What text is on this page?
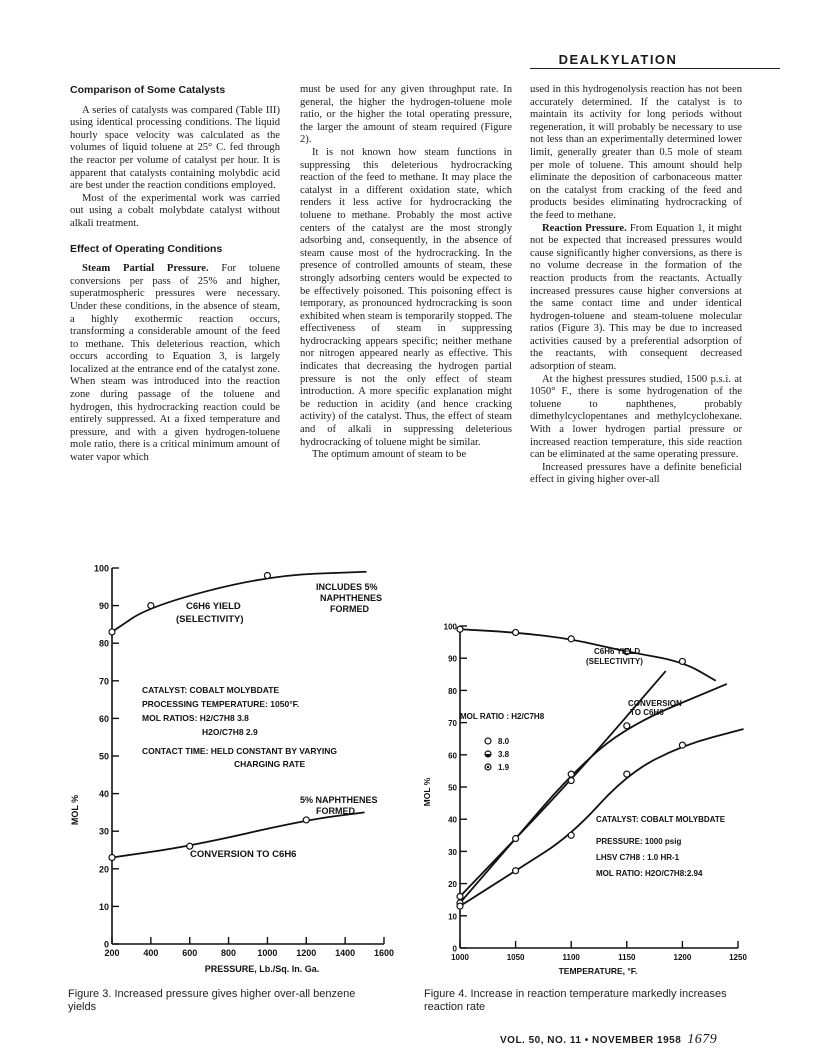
DEALKYLATION
Comparison of Some Catalysts

A series of catalysts was compared (Table III) using identical processing conditions. The liquid hourly space velocity was calculated as the volumes of liquid toluene at 25° C. fed through the reactor per volume of catalyst per hour. It is apparent that catalysts containing molybdic acid are best under the reaction conditions employed.

Most of the experimental work was carried out using a cobalt molybdate catalyst without alkali treatment.

Effect of Operating Conditions

Steam Partial Pressure. For toluene conversions per pass of 25% and higher, superatmospheric pressures were necessary. Under these conditions, in the absence of steam, a highly exothermic reaction occurs, transforming a considerable amount of the feed to methane. This deleterious reaction, which occurs according to Equation 3, is largely localized at the entrance end of the catalyst zone. When steam was introduced into the reaction zone during passage of the toluene and hydrogen, this hydrocracking reaction could be entirely suppressed. At a fixed temperature and pressure, and with a given hydrogen-toluene mole ratio, there is a critical minimum amount of water vapor which

must be used for any given throughput rate. In general, the higher the hydrogen-toluene mole ratio, or the higher the total operating pressure, the larger the amount of steam required (Figure 2).

It is not known how steam functions in suppressing this deleterious hydrocracking reaction of the feed to methane. It may place the catalyst in a different oxidation state, which renders it less active for hydrocracking the toluene to methane. Probably the most active centers of the catalyst are the most strongly adsorbing and, consequently, in the absence of steam cause most of the hydrocracking. In the presence of controlled amounts of steam, these strongly adsorbing centers would be expected to be effectively poisoned. This poisoning effect is temporary, as pronounced hydrocracking is soon exhibited when steam is temporarily stopped. The effectiveness of steam in suppressing hydrocracking appears specific; neither methane nor nitrogen appeared nearly as effective. This indicates that decreasing the hydrogen partial pressure is not the only effect of steam introduction. A more specific explanation might be reduction in acidity (and hence cracking activity) of the catalyst. Thus, the effect of steam and of alkali in suppressing deleterious hydrocracking of toluene might be similar.

The optimum amount of steam to be

used in this hydrogenolysis reaction has not been accurately determined. If the catalyst is to maintain its activity for long periods without regeneration, it will probably be necessary to use not less than an experimentally determined lower limit, generally greater than 0.5 mole of steam per mole of toluene. This amount should help eliminate the deposition of carbonaceous matter on the catalyst from cracking of the feed and products besides eliminating hydrocracking of the feed to methane.

Reaction Pressure. From Equation 1, it might not be expected that increased pressures would cause significantly higher conversions, as there is no volume decrease in the formation of the reaction products from the reactants. Actually increased pressures cause higher conversions at the same contact time and under identical hydrogen-toluene and steam-toluene molecular ratios (Figure 3). This may be due to increased activities caused by a preferential adsorption of the reactants, with consequent decreased adsorption of steam.

At the highest pressures studied, 1500 p.s.i. at 1050° F., there is some hydrogenation of the toluene to naphthenes, probably dimethylcyclopentanes and methylcyclohexane. With a lower hydrogen partial pressure or increased reaction temperature, this side reaction can be eliminated at the same operating pressure.

Increased pressures have a definite beneficial effect in giving higher over-all

0
10
20
30
40
50
60
70
80
90
100
200	400	600	800 1000 1200 1400 1600
MOL %
PRESSURE, Lb./Sq. In. Ga.
C6H6 YIELD
(SELECTIVITY)
INCLUDES 5%
NAPHTHENES
FORMED
CATALYST: COBALT MOLYBDATE
PROCESSING TEMPERATURE: 1050°F.
MOL RATIOS: H2/C7H8 3.8
H2O/C7H8 2.9
CONTACT TIME: HELD CONSTANT BY VARYING
CHARGING RATE
5% NAPHTHENES
FORMED
CONVERSION TO C6H6
Figure 3. Increased pressure gives higher over-all benzene yields
0
10
20
30
40
50
60
70
80
90
100
1000	1050	1100	1150	1200	1250
MOL %
TEMPERATURE, °F.
C6H6 YIELD
(SELECTIVITY)
CONVERSION
TO C6H6
MOL RATIO : H2/C7H8
8.0
3.8
1.9
CATALYST: COBALT MOLYBDATE
PRESSURE: 1000 psig
LHSV C7H8 : 1.0 HR-1
MOL RATIO: H2O/C7H8:2.94
Figure 4. Increase in reaction temperature markedly increases reaction rate
VOL. 50, NO. 11 • NOVEMBER 1958 1679
